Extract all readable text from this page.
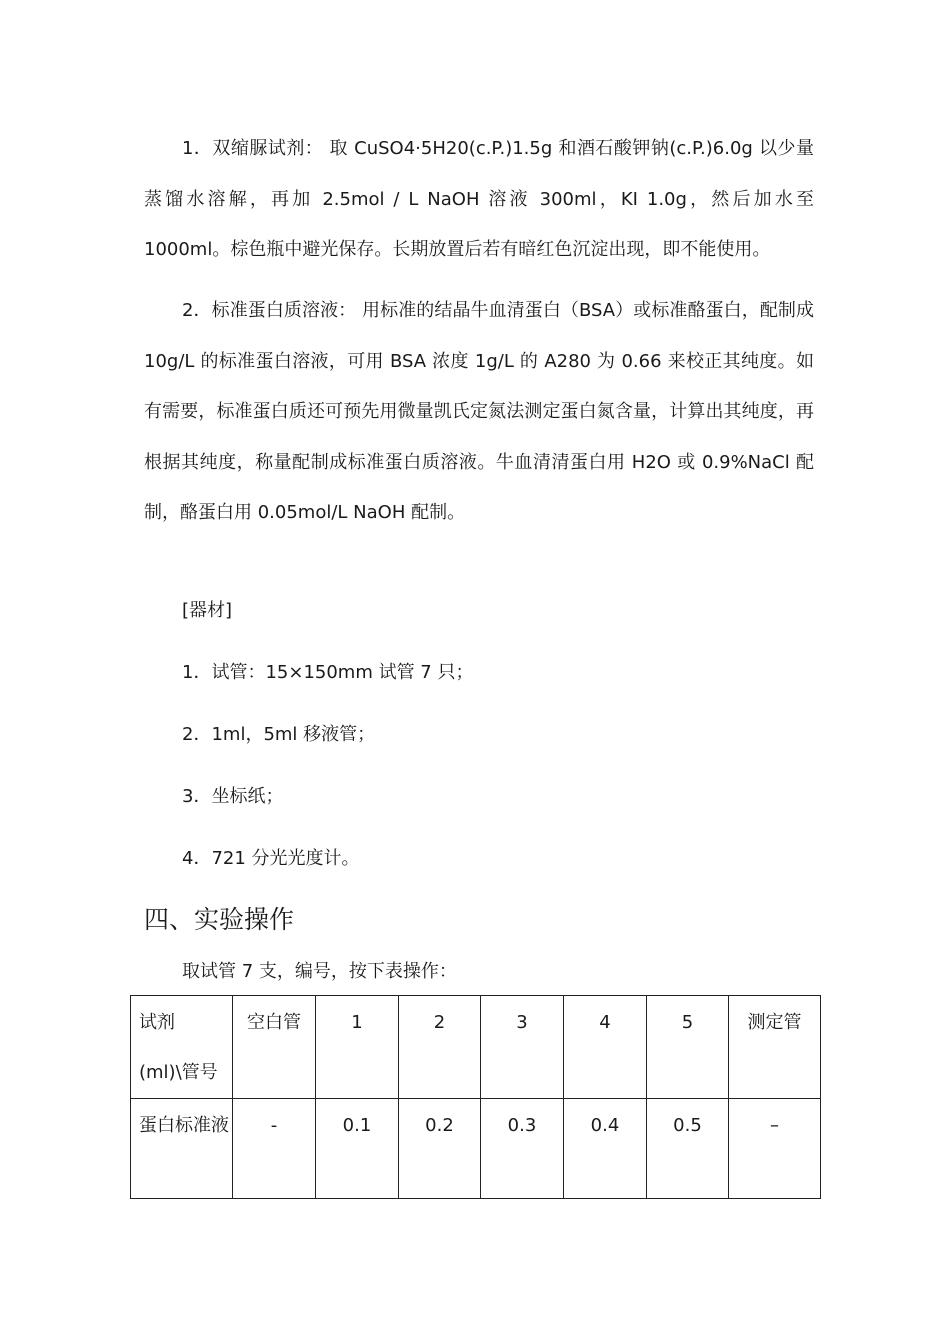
1．双缩脲试剂： 取 CuSO4·5H20(c.P.)1.5g 和酒石酸钾钠(c.P.)6.0g 以少量蒸馏水溶解，再加 2.5mol / L NaOH 溶液 300ml，KI 1.0g，然后加水至 1000ml。棕色瓶中避光保存。长期放置后若有暗红色沉淀出现，即不能使用。

2．标准蛋白质溶液： 用标准的结晶牛血清蛋白（BSA）或标准酪蛋白，配制成 10g/L 的标准蛋白溶液，可用 BSA 浓度 1g/L 的 A280 为 0.66 来校正其纯度。如有需要，标准蛋白质还可预先用微量凯氏定氮法测定蛋白氮含量，计算出其纯度，再根据其纯度，称量配制成标准蛋白质溶液。牛血清清蛋白用 H2O 或 0.9%NaCl 配制，酪蛋白用 0.05mol/L NaOH 配制。

[器材]
1．试管：15×150mm 试管 7 只；
2．1ml，5ml 移液管；
3．坐标纸；
4．721 分光光度计。
四、实验操作
取试管 7 支，编号，按下表操作：
试剂(ml)\管号	空白管	1	2	3	4	5	测定管

蛋白标准液	-	0.1	0.2	0.3	0.4	0.5	–
